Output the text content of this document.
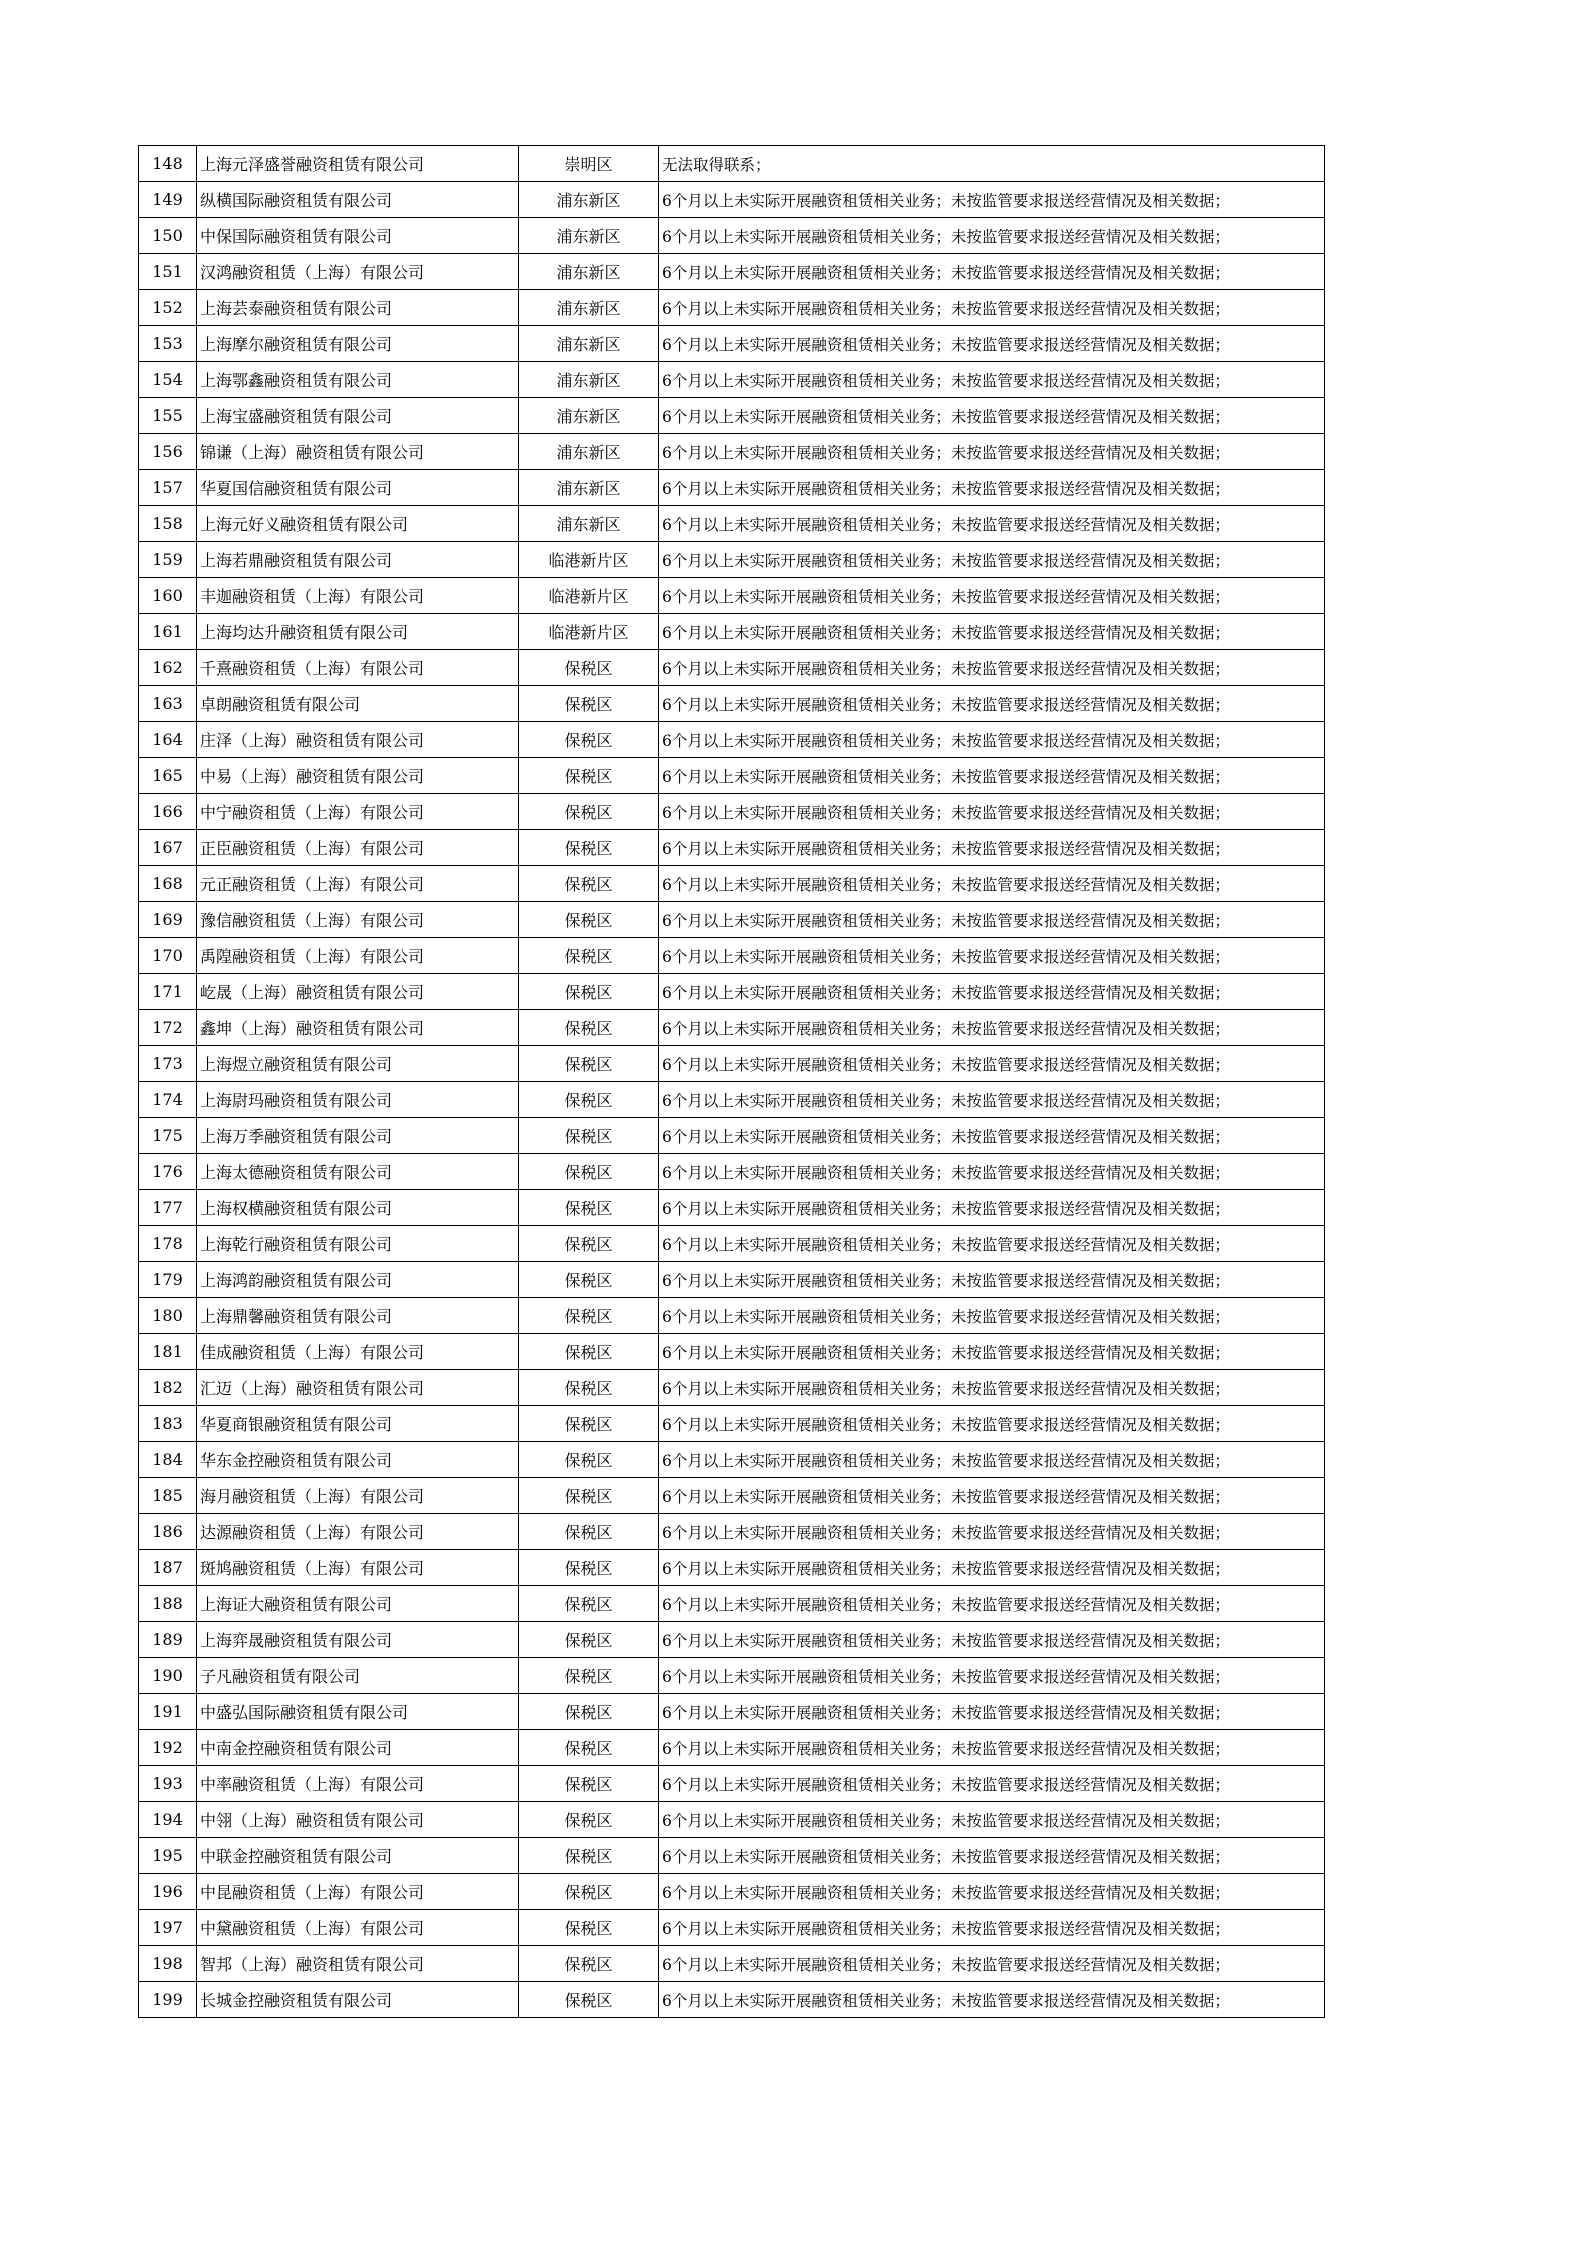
148	上海元泽盛誉融资租赁有限公司	崇明区	无法取得联系；
149	纵横国际融资租赁有限公司	浦东新区	6个月以上未实际开展融资租赁相关业务；未按监管要求报送经营情况及相关数据；
150	中保国际融资租赁有限公司	浦东新区	6个月以上未实际开展融资租赁相关业务；未按监管要求报送经营情况及相关数据；
151	汉鸿融资租赁（上海）有限公司	浦东新区	6个月以上未实际开展融资租赁相关业务；未按监管要求报送经营情况及相关数据；
152	上海芸泰融资租赁有限公司	浦东新区	6个月以上未实际开展融资租赁相关业务；未按监管要求报送经营情况及相关数据；
153	上海摩尔融资租赁有限公司	浦东新区	6个月以上未实际开展融资租赁相关业务；未按监管要求报送经营情况及相关数据；
154	上海鄂鑫融资租赁有限公司	浦东新区	6个月以上未实际开展融资租赁相关业务；未按监管要求报送经营情况及相关数据；
155	上海宝盛融资租赁有限公司	浦东新区	6个月以上未实际开展融资租赁相关业务；未按监管要求报送经营情况及相关数据；
156	锦谦（上海）融资租赁有限公司	浦东新区	6个月以上未实际开展融资租赁相关业务；未按监管要求报送经营情况及相关数据；
157	华夏国信融资租赁有限公司	浦东新区	6个月以上未实际开展融资租赁相关业务；未按监管要求报送经营情况及相关数据；
158	上海元好义融资租赁有限公司	浦东新区	6个月以上未实际开展融资租赁相关业务；未按监管要求报送经营情况及相关数据；
159	上海若鼎融资租赁有限公司	临港新片区	6个月以上未实际开展融资租赁相关业务；未按监管要求报送经营情况及相关数据；
160	丰迦融资租赁（上海）有限公司	临港新片区	6个月以上未实际开展融资租赁相关业务；未按监管要求报送经营情况及相关数据；
161	上海均达升融资租赁有限公司	临港新片区	6个月以上未实际开展融资租赁相关业务；未按监管要求报送经营情况及相关数据；
162	千熹融资租赁（上海）有限公司	保税区	6个月以上未实际开展融资租赁相关业务；未按监管要求报送经营情况及相关数据；
163	卓朗融资租赁有限公司	保税区	6个月以上未实际开展融资租赁相关业务；未按监管要求报送经营情况及相关数据；
164	庄泽（上海）融资租赁有限公司	保税区	6个月以上未实际开展融资租赁相关业务；未按监管要求报送经营情况及相关数据；
165	中易（上海）融资租赁有限公司	保税区	6个月以上未实际开展融资租赁相关业务；未按监管要求报送经营情况及相关数据；
166	中宁融资租赁（上海）有限公司	保税区	6个月以上未实际开展融资租赁相关业务；未按监管要求报送经营情况及相关数据；
167	正臣融资租赁（上海）有限公司	保税区	6个月以上未实际开展融资租赁相关业务；未按监管要求报送经营情况及相关数据；
168	元正融资租赁（上海）有限公司	保税区	6个月以上未实际开展融资租赁相关业务；未按监管要求报送经营情况及相关数据；
169	豫信融资租赁（上海）有限公司	保税区	6个月以上未实际开展融资租赁相关业务；未按监管要求报送经营情况及相关数据；
170	禹隍融资租赁（上海）有限公司	保税区	6个月以上未实际开展融资租赁相关业务；未按监管要求报送经营情况及相关数据；
171	屹晟（上海）融资租赁有限公司	保税区	6个月以上未实际开展融资租赁相关业务；未按监管要求报送经营情况及相关数据；
172	鑫坤（上海）融资租赁有限公司	保税区	6个月以上未实际开展融资租赁相关业务；未按监管要求报送经营情况及相关数据；
173	上海煜立融资租赁有限公司	保税区	6个月以上未实际开展融资租赁相关业务；未按监管要求报送经营情况及相关数据；
174	上海尉玛融资租赁有限公司	保税区	6个月以上未实际开展融资租赁相关业务；未按监管要求报送经营情况及相关数据；
175	上海万季融资租赁有限公司	保税区	6个月以上未实际开展融资租赁相关业务；未按监管要求报送经营情况及相关数据；
176	上海太德融资租赁有限公司	保税区	6个月以上未实际开展融资租赁相关业务；未按监管要求报送经营情况及相关数据；
177	上海权横融资租赁有限公司	保税区	6个月以上未实际开展融资租赁相关业务；未按监管要求报送经营情况及相关数据；
178	上海乾行融资租赁有限公司	保税区	6个月以上未实际开展融资租赁相关业务；未按监管要求报送经营情况及相关数据；
179	上海鸿韵融资租赁有限公司	保税区	6个月以上未实际开展融资租赁相关业务；未按监管要求报送经营情况及相关数据；
180	上海鼎馨融资租赁有限公司	保税区	6个月以上未实际开展融资租赁相关业务；未按监管要求报送经营情况及相关数据；
181	佳成融资租赁（上海）有限公司	保税区	6个月以上未实际开展融资租赁相关业务；未按监管要求报送经营情况及相关数据；
182	汇迈（上海）融资租赁有限公司	保税区	6个月以上未实际开展融资租赁相关业务；未按监管要求报送经营情况及相关数据；
183	华夏商银融资租赁有限公司	保税区	6个月以上未实际开展融资租赁相关业务；未按监管要求报送经营情况及相关数据；
184	华东金控融资租赁有限公司	保税区	6个月以上未实际开展融资租赁相关业务；未按监管要求报送经营情况及相关数据；
185	海月融资租赁（上海）有限公司	保税区	6个月以上未实际开展融资租赁相关业务；未按监管要求报送经营情况及相关数据；
186	达源融资租赁（上海）有限公司	保税区	6个月以上未实际开展融资租赁相关业务；未按监管要求报送经营情况及相关数据；
187	斑鸠融资租赁（上海）有限公司	保税区	6个月以上未实际开展融资租赁相关业务；未按监管要求报送经营情况及相关数据；
188	上海证大融资租赁有限公司	保税区	6个月以上未实际开展融资租赁相关业务；未按监管要求报送经营情况及相关数据；
189	上海弈晟融资租赁有限公司	保税区	6个月以上未实际开展融资租赁相关业务；未按监管要求报送经营情况及相关数据；
190	子凡融资租赁有限公司	保税区	6个月以上未实际开展融资租赁相关业务；未按监管要求报送经营情况及相关数据；
191	中盛弘国际融资租赁有限公司	保税区	6个月以上未实际开展融资租赁相关业务；未按监管要求报送经营情况及相关数据；
192	中南金控融资租赁有限公司	保税区	6个月以上未实际开展融资租赁相关业务；未按监管要求报送经营情况及相关数据；
193	中率融资租赁（上海）有限公司	保税区	6个月以上未实际开展融资租赁相关业务；未按监管要求报送经营情况及相关数据；
194	中翎（上海）融资租赁有限公司	保税区	6个月以上未实际开展融资租赁相关业务；未按监管要求报送经营情况及相关数据；
195	中联金控融资租赁有限公司	保税区	6个月以上未实际开展融资租赁相关业务；未按监管要求报送经营情况及相关数据；
196	中昆融资租赁（上海）有限公司	保税区	6个月以上未实际开展融资租赁相关业务；未按监管要求报送经营情况及相关数据；
197	中黛融资租赁（上海）有限公司	保税区	6个月以上未实际开展融资租赁相关业务；未按监管要求报送经营情况及相关数据；
198	智邦（上海）融资租赁有限公司	保税区	6个月以上未实际开展融资租赁相关业务；未按监管要求报送经营情况及相关数据；
199	长城金控融资租赁有限公司	保税区	6个月以上未实际开展融资租赁相关业务；未按监管要求报送经营情况及相关数据；
